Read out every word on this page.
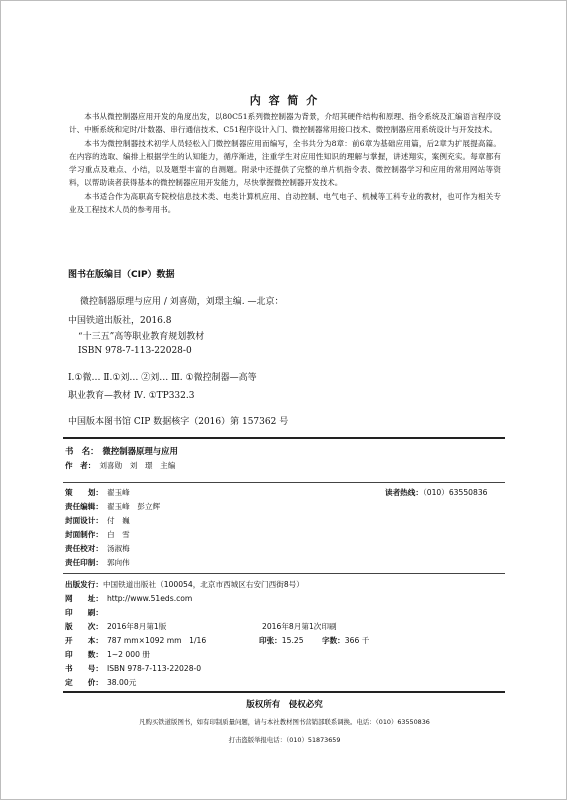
内 容 简 介

本书从微控制器应用开发的角度出发，以80C51系列微控制器为背景，介绍其硬件结构和原理、指令系统及汇编语言程序设计、中断系统和定时/计数器、串行通信技术、C51程序设计入门、微控制器常用接口技术、微控制器应用系统设计与开发技术。

本书为微控制器技术初学人员轻松入门微控制器应用而编写，全书共分为8章：前6章为基础应用篇，后2章为扩展提高篇。在内容的选取、编排上根据学生的认知能力，循序渐进，注重学生对应用性知识的理解与掌握，讲述翔实，案例充实。每章都有学习重点及难点、小结，以及题型丰富的自测题。附录中还提供了完整的单片机指令表、微控制器学习和应用的常用网站等资料，以帮助读者获得基本的微控制器应用开发能力，尽快掌握微控制器开发技术。

本书适合作为高职高专院校信息技术类、电类计算机应用、自动控制、电气电子、机械等工科专业的教材，也可作为相关专业及工程技术人员的参考用书。

图书在版编目（CIP）数据
微控制器原理与应用 / 刘喜勋，刘璟主编. —北京：
中国铁道出版社，2016.8
“十三五”高等职业教育规划教材
ISBN 978-7-113-22028-0
Ⅰ.①微… Ⅱ.①刘… ②刘… Ⅲ. ①微控制器—高等
职业教育—教材 Ⅳ. ①TP332.3
中国版本图书馆 CIP 数据核字（2016）第 157362 号
书　名： 微控制器原理与应用
作　者： 刘喜勋　刘　璟　主编
策　　划： 翟玉峰	读者热线：（010）63550836
责任编辑： 翟玉峰　彭立辉
封面设计： 付　巍
封面制作： 白　雪
责任校对： 汤淑梅
责任印制： 郭向伟
出版发行：中国铁道出版社（100054，北京市西城区右安门西街8号）
网　　址： http://www.51eds.com
印　　刷：
版　　次： 2016年8月第1版	2016年8月第1次印刷
开　　本： 787 mm×1092 mm　1/16	印张：15.25 字数：366 千
印　　数： 1~2 000 册
书　　号： ISBN 978-7-113-22028-0
定　　价： 38.00元
版权所有　侵权必究
凡购买铁道版图书，如有印制质量问题，请与本社教材图书营销部联系调换。电话：（010）63550836
打击盗版举报电话：（010）51873659
